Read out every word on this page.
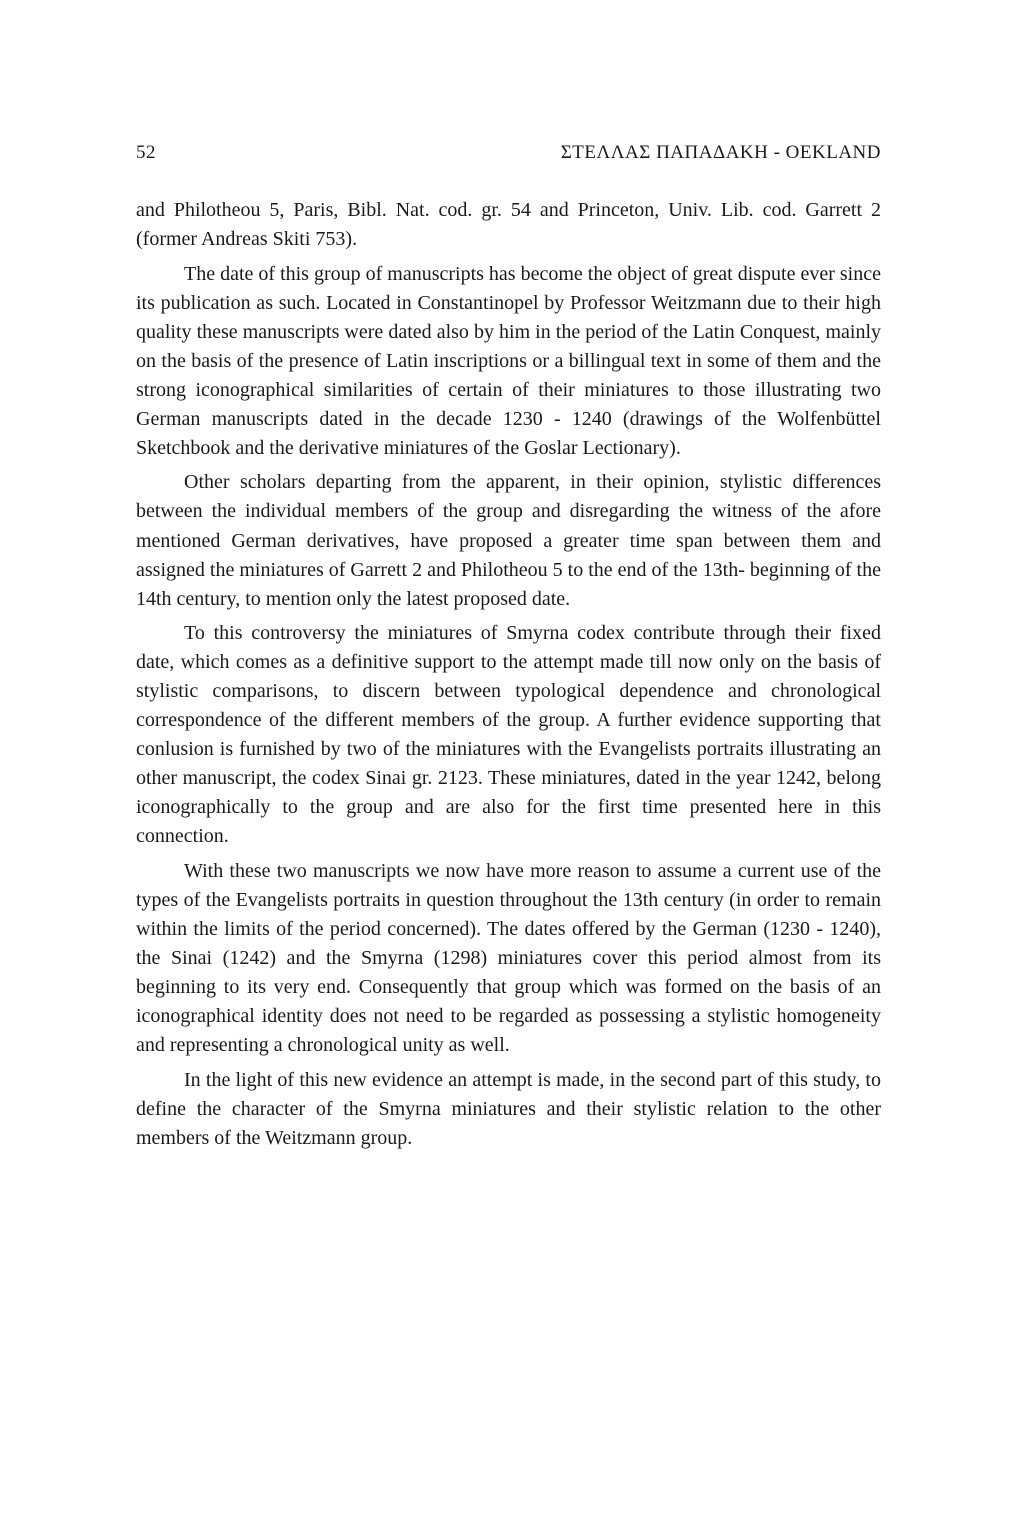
52	ΣΤΕΛΛΑΣ ΠΑΠΑΔΑΚΗ - OEKLAND

and Philotheou 5, Paris, Bibl. Nat. cod. gr. 54 and Princeton, Univ. Lib. cod. Garrett 2 (former Andreas Skiti 753).

The date of this group of manuscripts has become the object of great dispute ever since its publication as such. Located in Constantinopel by Professor Weitzmann due to their high quality these manuscripts were dated also by him in the period of the Latin Conquest, mainly on the basis of the presence of Latin inscriptions or a billingual text in some of them and the strong iconographical similarities of certain of their miniatures to those illustrating two German manuscripts dated in the decade 1230 - 1240 (drawings of the Wolfenbüttel Sketchbook and the derivative miniatures of the Goslar Lectionary).

Other scholars departing from the apparent, in their opinion, stylistic differences between the individual members of the group and disregarding the witness of the afore mentioned German derivatives, have proposed a greater time span between them and assigned the miniatures of Garrett 2 and Philotheou 5 to the end of the 13th- beginning of the 14th century, to mention only the latest proposed date.

To this controversy the miniatures of Smyrna codex contribute through their fixed date, which comes as a definitive support to the attempt made till now only on the basis of stylistic comparisons, to discern between typological dependence and chronological correspondence of the different members of the group. A further evidence supporting that conlusion is furnished by two of the miniatures with the Evangelists portraits illustrating an other manuscript, the codex Sinai gr. 2123. These miniatures, dated in the year 1242, belong iconographically to the group and are also for the first time presented here in this connection.

With these two manuscripts we now have more reason to assume a current use of the types of the Evangelists portraits in question throughout the 13th century (in order to remain within the limits of the period concerned). The dates offered by the German (1230 - 1240), the Sinai (1242) and the Smyrna (1298) miniatures cover this period almost from its beginning to its very end. Consequently that group which was formed on the basis of an iconographical identity does not need to be regarded as possessing a stylistic homogeneity and representing a chronological unity as well.

In the light of this new evidence an attempt is made, in the second part of this study, to define the character of the Smyrna miniatures and their stylistic relation to the other members of the Weitzmann group.
